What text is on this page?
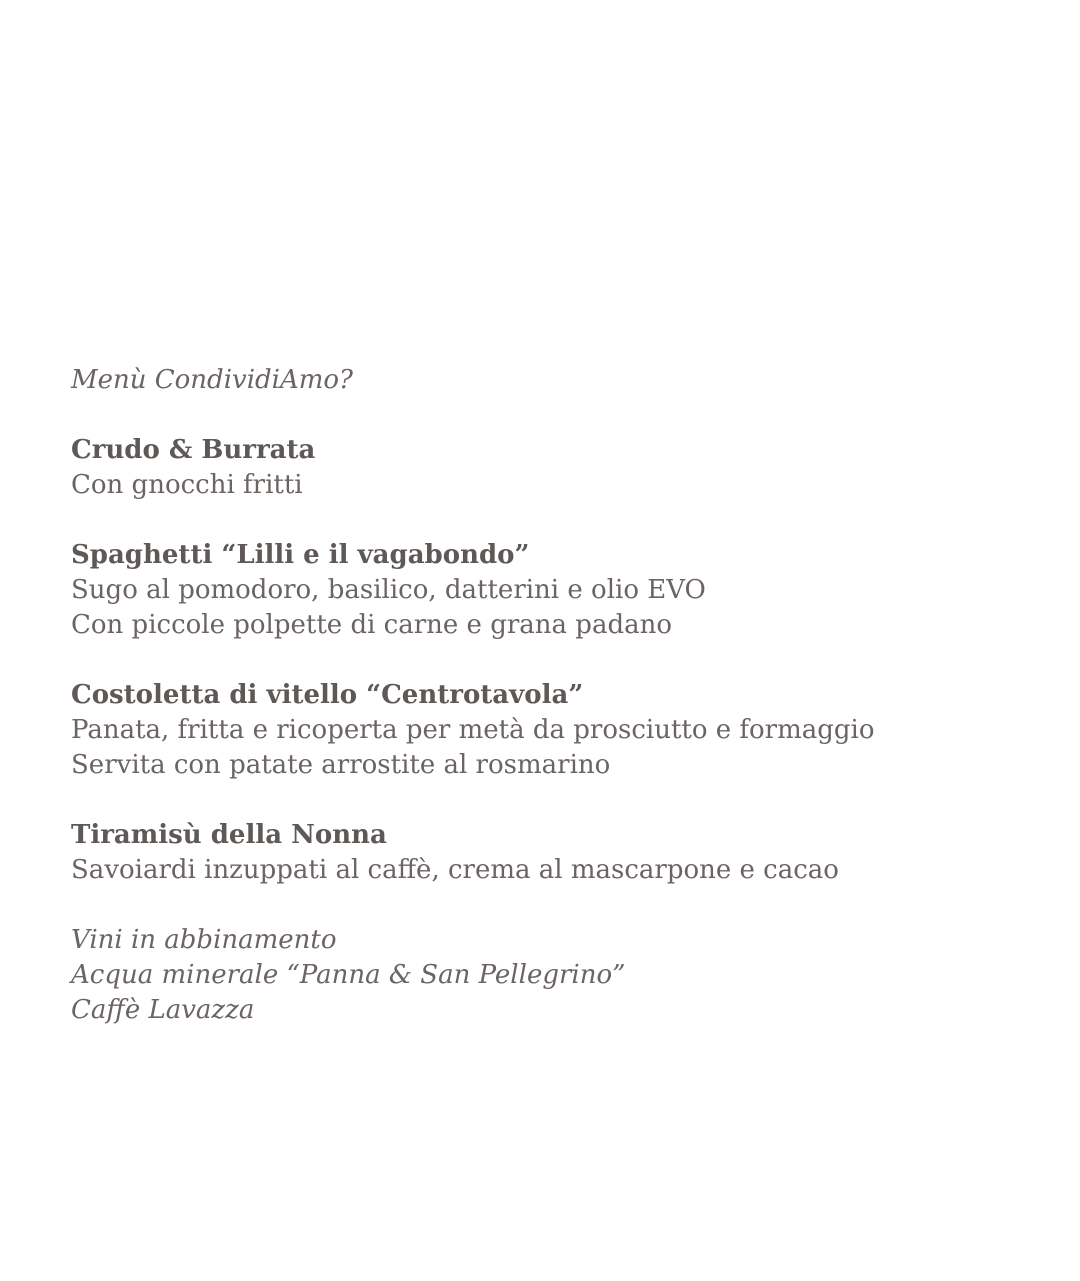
Menù CondividiAmo?
Crudo & Burrata
Con gnocchi fritti
Spaghetti “Lilli e il vagabondo”
Sugo al pomodoro, basilico, datterini e olio EVO
Con piccole polpette di carne e grana padano
Costoletta di vitello “Centrotavola”
Panata, fritta e ricoperta per metà da prosciutto e formaggio
Servita con patate arrostite al rosmarino
Tiramisù della Nonna
Savoiardi inzuppati al caffè, crema al mascarpone e cacao
Vini in abbinamento
Acqua minerale “Panna & San Pellegrino”
Caffè Lavazza
